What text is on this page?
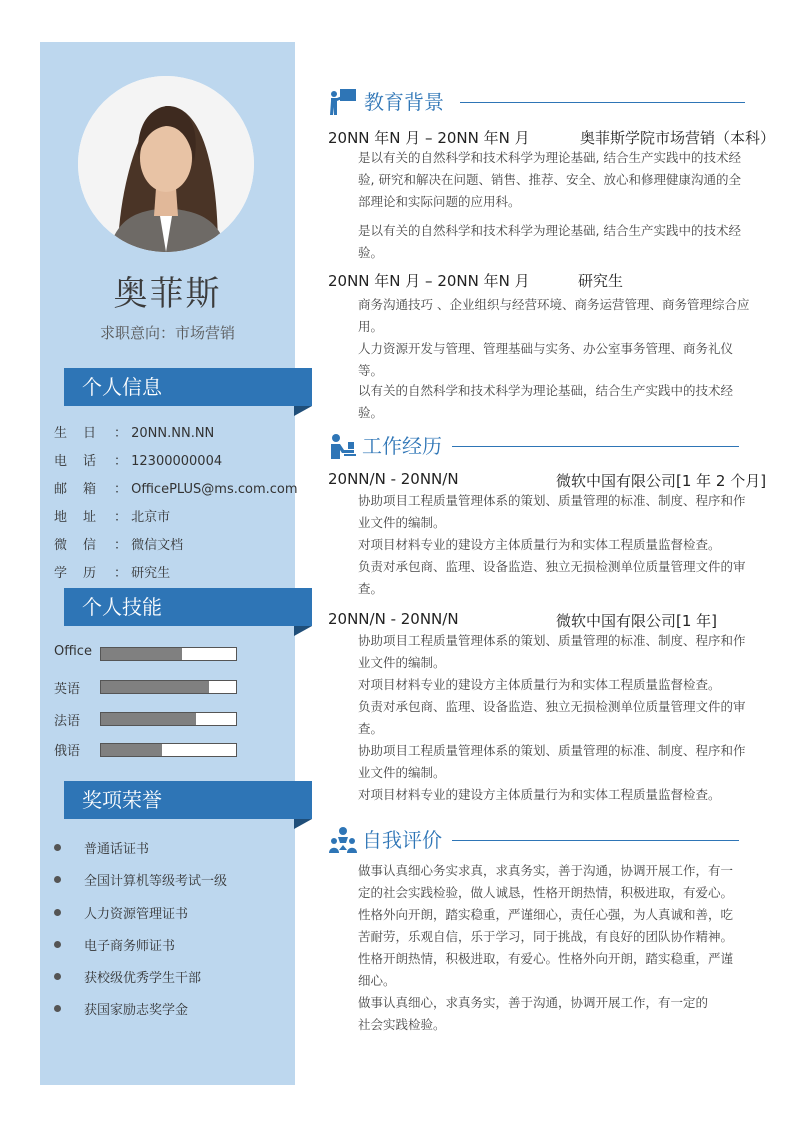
奥菲斯
求职意向：市场营销
个人信息
生日 ： 20NN.NN.NN
电话 ： 12300000004
邮箱 ： OfficePLUS@ms.com.com
地址 ： 北京市
微信 ： 微信文档
学历 ： 研究生
个人技能
Office
英语
法语
俄语
奖项荣誉
普通话证书
全国计算机等级考试一级
人力资源管理证书
电子商务师证书
获校级优秀学生干部
获国家励志奖学金
教育背景
20NN 年N 月 – 20NN 年N 月	奥菲斯学院市场营销（本科）
是以有关的自然科学和技术科学为理论基础, 结合生产实践中的技术经验, 研究和解决在问题、销售、推荐、安全、放心和修理健康沟通的全部理论和实际问题的应用科。
是以有关的自然科学和技术科学为理论基础, 结合生产实践中的技术经验。
20NN 年N 月 – 20NN 年N 月	研究生
商务沟通技巧 、企业组织与经营环境、商务运营管理、商务管理综合应用。
人力资源开发与管理、管理基础与实务、办公室事务管理、商务礼仪等。
以有关的自然科学和技术科学为理论基础，结合生产实践中的技术经验。
工作经历
20NN/N - 20NN/N	微软中国有限公司[1 年 2 个月]
协助项目工程质量管理体系的策划、质量管理的标准、制度、程序和作业文件的编制。
对项目材料专业的建设方主体质量行为和实体工程质量监督检查。
负责对承包商、监理、设备监造、独立无损检测单位质量管理文件的审查。
20NN/N - 20NN/N	微软中国有限公司[1 年]
协助项目工程质量管理体系的策划、质量管理的标准、制度、程序和作业文件的编制。
对项目材料专业的建设方主体质量行为和实体工程质量监督检查。
负责对承包商、监理、设备监造、独立无损检测单位质量管理文件的审查。
协助项目工程质量管理体系的策划、质量管理的标准、制度、程序和作业文件的编制。
对项目材料专业的建设方主体质量行为和实体工程质量监督检查。
自我评价
做事认真细心务实求真，求真务实，善于沟通，协调开展工作，有一定的社会实践检验，做人诚恳，性格开朗热情，积极进取，有爱心。性格外向开朗，踏实稳重，严谨细心，责任心强，为人真诚和善，吃苦耐劳，乐观自信，乐于学习，同于挑战，有良好的团队协作精神。性格开朗热情，积极进取，有爱心。性格外向开朗，踏实稳重，严谨细心。
做事认真细心，求真务实，善于沟通，协调开展工作，有一定的社会实践检验。
